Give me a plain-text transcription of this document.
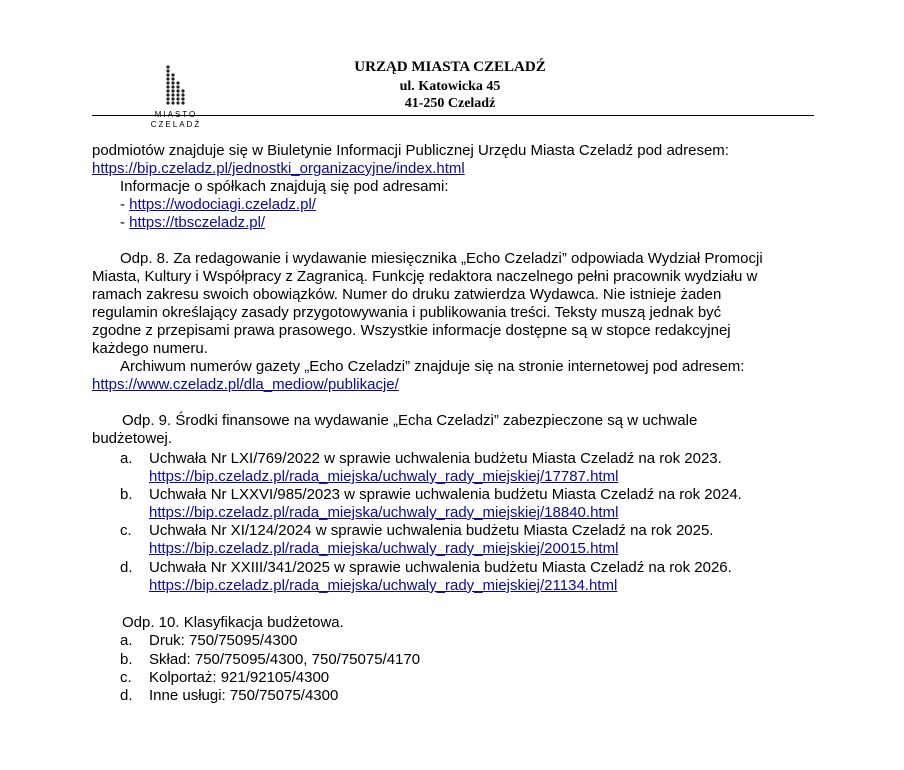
MIASTO
CZELADŹ
URZĄD MIASTA CZELADŹ
ul. Katowicka 45
41-250 Czeladź
podmiotów znajduje się w Biuletynie Informacji Publicznej Urzędu Miasta Czeladź pod adresem:
https://bip.czeladz.pl/jednostki_organizacyjne/index.html
Informacje o spółkach znajdują się pod adresami:
- https://wodociagi.czeladz.pl/
- https://tbsczeladz.pl/
Odp. 8. Za redagowanie i wydawanie miesięcznika „Echo Czeladzi” odpowiada Wydział Promocji
Miasta, Kultury i Współpracy z Zagranicą. Funkcję redaktora naczelnego pełni pracownik wydziału w
ramach zakresu swoich obowiązków. Numer do druku zatwierdza Wydawca. Nie istnieje żaden
regulamin określający zasady przygotowywania i publikowania treści. Teksty muszą jednak być
zgodne z przepisami prawa prasowego. Wszystkie informacje dostępne są w stopce redakcyjnej
każdego numeru.
Archiwum numerów gazety „Echo Czeladzi” znajduje się na stronie internetowej pod adresem:
https://www.czeladz.pl/dla_mediow/publikacje/
Odp. 9. Środki finansowe na wydawanie „Echa Czeladzi” zabezpieczone są w uchwale
budżetowej.
a. Uchwała Nr LXI/769/2022 w sprawie uchwalenia budżetu Miasta Czeladź na rok 2023.
https://bip.czeladz.pl/rada_miejska/uchwaly_rady_miejskiej/17787.html
b. Uchwała Nr LXXVI/985/2023 w sprawie uchwalenia budżetu Miasta Czeladź na rok 2024.
https://bip.czeladz.pl/rada_miejska/uchwaly_rady_miejskiej/18840.html
c. Uchwała Nr XI/124/2024 w sprawie uchwalenia budżetu Miasta Czeladź na rok 2025.
https://bip.czeladz.pl/rada_miejska/uchwaly_rady_miejskiej/20015.html
d. Uchwała Nr XXIII/341/2025 w sprawie uchwalenia budżetu Miasta Czeladź na rok 2026.
https://bip.czeladz.pl/rada_miejska/uchwaly_rady_miejskiej/21134.html
Odp. 10. Klasyfikacja budżetowa.
a. Druk: 750/75095/4300
b. Skład: 750/75095/4300, 750/75075/4170
c. Kolportaż: 921/92105/4300
d. Inne usługi: 750/75075/4300
